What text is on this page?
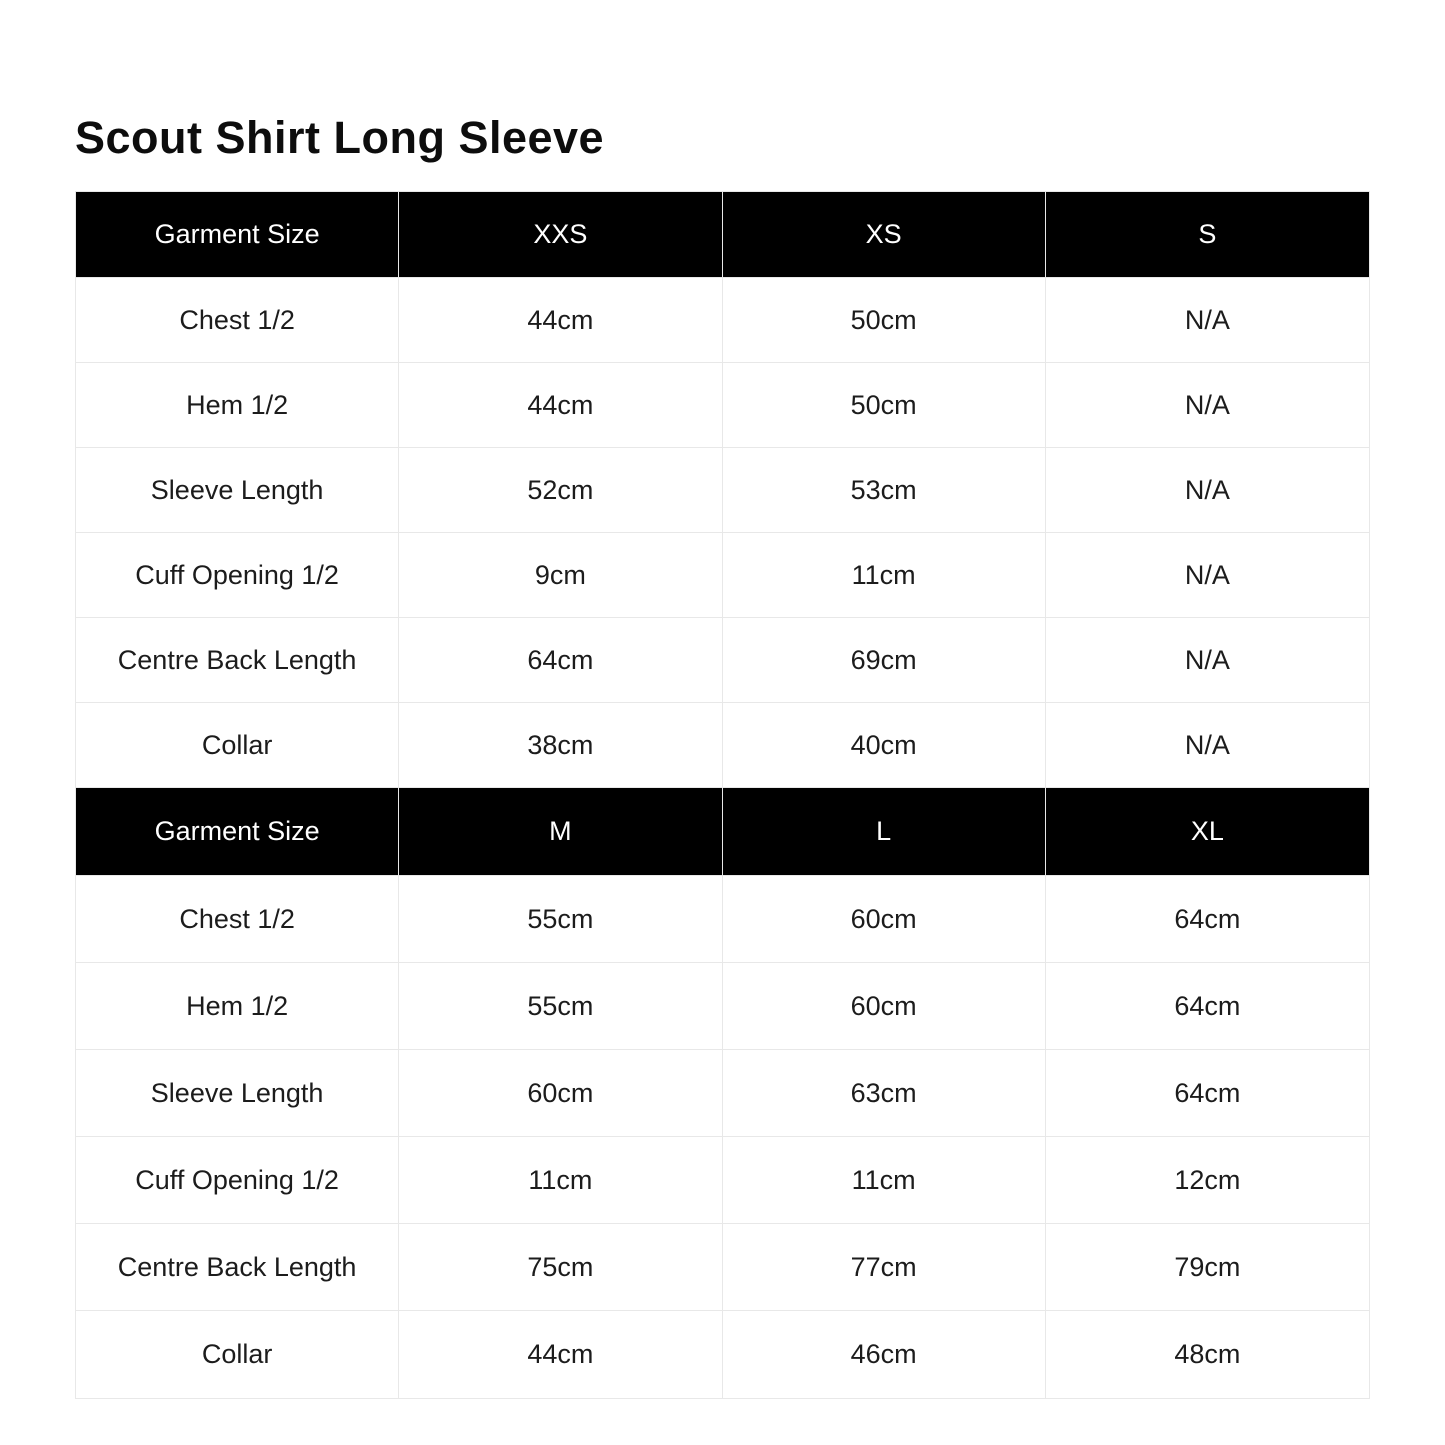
Scout Shirt Long Sleeve
Garment Size	XXS	XS	S
Chest 1/2	44cm	50cm	N/A
Hem 1/2	44cm	50cm	N/A
Sleeve Length	52cm	53cm	N/A
Cuff Opening 1/2	9cm	11cm	N/A
Centre Back Length	64cm	69cm	N/A
Collar	38cm	40cm	N/A
Garment Size	M	L	XL
Chest 1/2	55cm	60cm	64cm
Hem 1/2	55cm	60cm	64cm
Sleeve Length	60cm	63cm	64cm
Cuff Opening 1/2	11cm	11cm	12cm
Centre Back Length	75cm	77cm	79cm
Collar	44cm	46cm	48cm
